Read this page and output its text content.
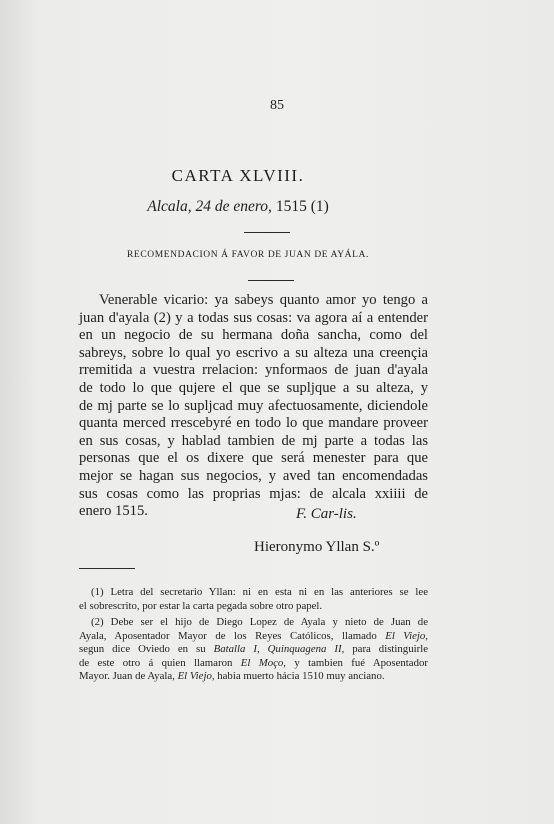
85
CARTA XLVIII.
Alcala, 24 de enero, 1515 (1)
RECOMENDACION Á FAVOR DE JUAN DE AYÁLA.
Venerable vicario: ya sabeys quanto amor yo tengo a
juan d'ayala (2) y a todas sus cosas: va agora aí a entender
en un negocio de su hermana doña sancha, como del
sabreys, sobre lo qual yo escrivo a su alteza una creençia
rremitida a vuestra rrelacion: ynformaos de juan d'ayala
de todo lo que qujere el que se supljque a su alteza, y
de mj parte se lo supljcad muy afectuosamente, diciendole
quanta merced rrescebyré en todo lo que mandare proveer
en sus cosas, y hablad tambien de mj parte a todas las
personas que el os dixere que será menester para que
mejor se hagan sus negocios, y aved tan encomendadas
sus cosas como las proprias mjas: de alcala xxiiii de
enero 1515.	F. Car-lis.
Hieronymo Yllan S.º
(1) Letra del secretario Yllan: ni en esta ni en las anteriores se lee
el sobrescrito, por estar la carta pegada sobre otro papel.
(2) Debe ser el hijo de Diego Lopez de Ayala y nieto de Juan de
Ayala, Aposentador Mayor de los Reyes Católicos, llamado El Viejo,
segun dice Oviedo en su Batalla I, Quinquagena II, para distinguirle
de este otro á quien llamaron El Moço, y tambien fué Aposentador
Mayor. Juan de Ayala, El Viejo, habia muerto hácia 1510 muy anciano.
